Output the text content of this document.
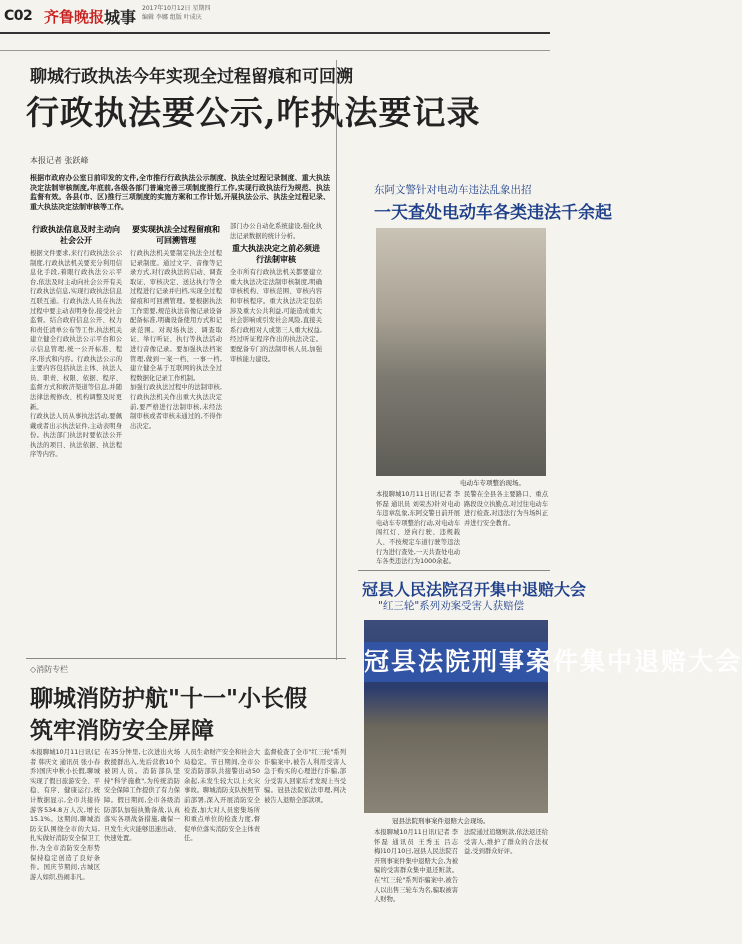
C02 齐鲁晚报 城事 2017年10月12日 星期四
编辑 李娜 组版 叶成庆
聊城行政执法今年实现全过程留痕和可回溯
行政执法要公示,咋执法要记录
本报记者 张跃峰
根据市政府办公室日前印发的文件,全市推行行政执法公示制度、执法全过程记录制度、重大执法决定法制审核制度,年底前,各级各部门普遍完善三项制度推行工作,实现行政执法行为规范、执法监督有效。各县(市、区)推行三项制度的实施方案和工作计划,开展执法公示、执法全过程记录、重大执法决定法制审核等工作。
行政执法信息及时主动向社会公开
根据文件要求,来行行政执法公示制度,行政执法机关要充分利用信息化手段,着眼行政执法公示平台,依法及时主动向社会公开有关行政执法信息,实现行政执法信息互联互通。行政执法人员在执法过程中要主动表明身份,接受社会监督。结合政府信息公开、权力和责任清单公布等工作,执法机关建立健全行政执法公示平台和公示信息管理,统一公开标准、程序,形式和内容。行政执法公示的主要内容包括执法主体、执法人员、职责、权限、依据、程序、监督方式和救济渠道等信息,并随法律法规修改、机构调整及时更新。
行政执法人员从事执法活动,要佩戴或者出示执法证件,主动表明身份。执法部门执法时要依法公开执法的项目、执法依据、执法程序等内容。
要实现执法全过程留痕和可回溯管理
行政执法机关要制定执法全过程记录制度。通过文字、音像等记录方式,对行政执法的启动、调查取证、审核决定、送达执行等全过程进行记录并归档,实现全过程留痕和可回溯管理。要根据执法工作需要,规范执法音像记录设备配备标准,明确设备使用方式和记录范围。对现场执法、调查取证、举行听证、执行等执法活动进行音像记录。要加强执法档案管理,做到一案一档、一事一档,建立健全基于互联网的执法全过程数据化记录工作机制。
加强行政执法过程中的法制审核,行政执法机关作出重大执法决定前,要严格进行法制审核,未经法制审核或者审核未通过的,不得作出决定。
部门办公自动化系统建设,强化执法记录数据的统计分析。
重大执法决定之前必须进行法制审核
全市所有行政执法机关都要建立重大执法决定法制审核制度,明确审核机构、审核范围、审核内容和审核程序。重大执法决定包括涉及重大公共利益,可能造成重大社会影响或引发社会风险,直接关系行政相对人或第三人重大权益,经过听证程序作出的执法决定。要配备专门的法制审核人员,加强审核能力建设。
东阿文警针对电动车违法乱象出招
一天查处电动车各类违法千余起
电动车专项整治现场。
本报聊城10月11日讯(记者 李怀磊 通讯员 刘荣杰)针对电动车违章乱象,东阿交警日前开展电动车专项整治行动,对电动车闯红灯、逆向行驶、违规载人、不按规定车道行驶等违法行为进行查处,一天共查处电动车各类违法行为1000余起。
民警在全县各主要路口、重点路段设立执勤点,对过往电动车进行检查,对违法行为当场纠正并进行安全教育。
冠县人民法院召开集中退赔大会
"红三轮"系列劝案受害人获赔偿
冠县法院刑事案件集中退赔大会
冠县法院刑事案件退赔大会现场。
本报聊城10月11日讯(记者 李怀磊 通讯员 王秀玉 吕志梅)10月10日,冠县人民法院召开刑事案件集中退赔大会,为被骗的受害群众集中退还赃款。在"红三轮"系列诈骗案中,被告人以出售三轮车为名,骗取被害人财物。
法院通过追缴赃款,依法返还给受害人,维护了群众的合法权益,受到群众好评。
◇消防专栏
聊城消防护航"十一"小长假
筑牢消防安全屏障
本报聊城10月11日讯(记者 韩庆文 通讯员 张小春 乔)国庆中秋小长假,聊城实现了假日旅游安全、平稳、有序、健康运行,统计数据显示,全市共接待游客534.8万人次,增长15.1%。这期间,聊城消防支队围绕全市的大局,扎实做好消防安全保卫工作,为全市消防安全形势保持稳定创造了良好条件。国庆节期间,古城区游人如织,热闹非凡。
在35分钟里,七次进出火场救援群出入,先后营救10个被困人员。消防部队坚持"科学施救",为传统消防安全保障工作提供了有力保障。假日期间,全市各级消防部队加强执勤备战,认真落实各项战备措施,确保一旦发生火灾能够迅速出动、快速处置。
人员生命财产安全和社会大局稳定。节日期间,全市公安消防部队共接警出动50余起,未发生较大以上火灾事故。聊城消防支队按照节前部署,深入开展消防安全检查,加大对人员密集场所和重点单位的检查力度,督促单位落实消防安全主体责任。
监督检查了全市"红三轮"系列诈骗案中,被告人利用受害人急于购买的心理进行诈骗,部分受害人回家后才发现上当受骗。冠县法院依法审理,判决被告人退赔全部款项。
